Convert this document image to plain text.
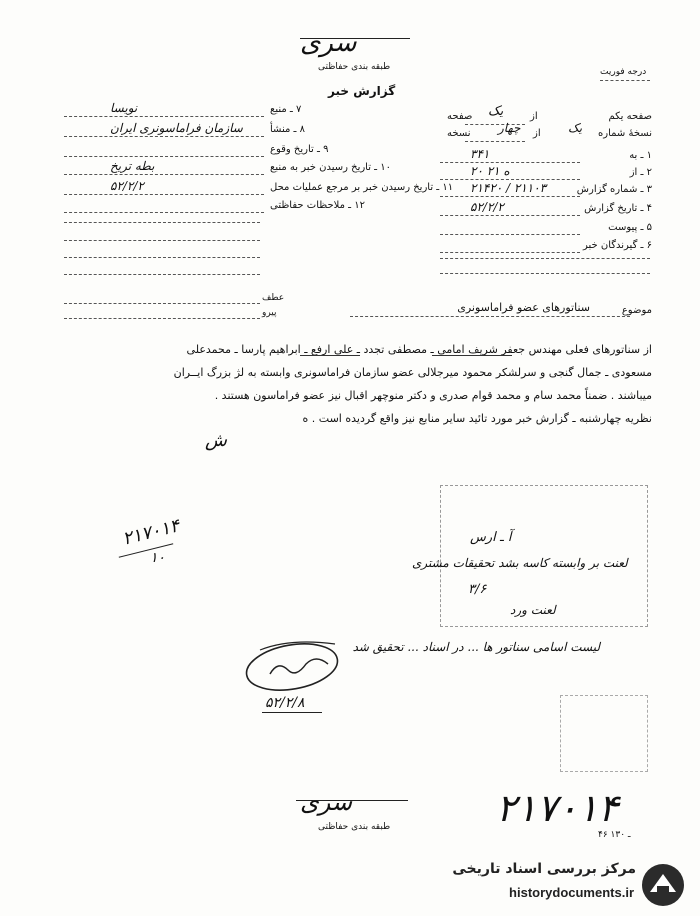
سری
طبقه بندی حفاظتی
گزارش خبر
درجه فوریت
صفحه یکم
یک	از
صفحه
نسخهٔ شماره
یک
چهار از
نسخه
۱ ـ به
۳۴۱
۲ ـ از
۲۰ ه ۲۱
۳ ـ شماره گزارش
۲۱۴۲۰ / ۲۱۱۰۳
۴ ـ تاریخ گزارش
۵۲/۲/۲
۵ ـ پیوست
۶ ـ گیرندگان خبر
۷ ـ منبع
نویسا
۸ ـ منشأ
سازمان فراماسونری ایران
۹ ـ تاریخ وقوع
۱۰ ـ تاریخ رسیدن خبر به منبع
بطه تریخ
۱۱ ـ تاریخ رسیدن خبر بر مرجع عملیات محل
۵۲/۲/۲
۱۲ ـ ملاحظات حفاظتی
عطف
پیرو	موضوع
سناتورهای عضو فراماسونری
از سناتورهای فعلی مهندس جعفر شریف امامی ـ مصطفی تجدد ـ علی ارفع ـ ابراهیم پارسا ـ محمدعلی
مسعودی ـ جمال گنجی و سرلشکر محمود میرجلالی عضو سازمان فراماسونری وابسته به لژ بزرگ ایــران
میباشند . ضمناً محمد سام و محمد قوام صدری و دکتر منوچهر اقبال نیز عضو فراماسون هستند .
نظریه چهارشنبه ـ گزارش خبر مورد تائید سایر منابع نیز واقع گردیده است . ه
ش
آ ـ ارس
لعنت بر وابسته کاسه بشد تحقیقات مشتری
۳/۶
لعنت ورد
۲۱۷۰۱۴
۱۰
لیست اسامی سناتور ها ... در اسناد ... تحقیق شد
۵۲/۲/۸
سری
طبقه بندی حفاظتی	۲۱۷۰۱۴
۴۶ ـ ۱۳۰
مرکز بررسی اسناد تاریخی
historydocuments.ir
